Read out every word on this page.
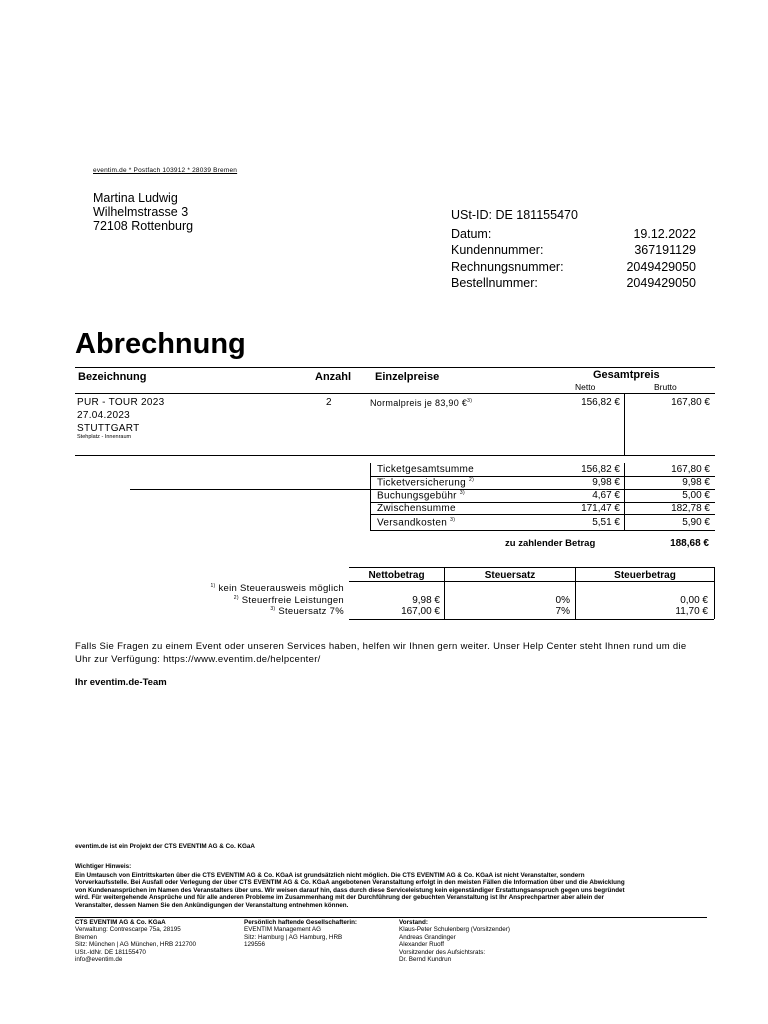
eventim.de * Postfach 103912 * 28039 Bremen
Martina Ludwig
Wilhelmstrasse 3
72108 Rottenburg
USt-ID: DE 181155470
Datum:	19.12.2022
Kundennummer:	367191129
Rechnungsnummer:	2049429050
Bestellnummer:	2049429050
Abrechnung
Bezeichnung	Anzahl Einzelpreise	Gesamtpreis
Netto	Brutto
PUR - TOUR 2023
27.04.2023
STUTTGART
Stehplatz - Innenraum
2	Normalpreis je 83,90 €$^{3)}$	156,82 €	167,80 €
Ticketgesamtsumme	156,82 €	167,80 €
Ticketversicherung $^{2)}$	9,98 €	9,98 €
Buchungsgebühr $^{3)}$	4,67 €	5,00 €
Zwischensumme	171,47 €	182,78 €
Versandkosten $^{3)}$	5,51 €	5,90 €
zu zahlender Betrag	188,68 €
Nettobetrag	Steuersatz	Steuerbetrag
$^{1)}$ kein Steuerausweis möglich
$^{2)}$ Steuerfreie Leistungen	9,98 €	0%	0,00 €
$^{3)}$ Steuersatz 7%	167,00 €	7%	11,70 €
Falls Sie Fragen zu einem Event oder unseren Services haben, helfen wir Ihnen gern weiter. Unser Help Center steht Ihnen rund um die
Uhr zur Verfügung: https://www.eventim.de/helpcenter/
Ihr eventim.de-Team
eventim.de ist ein Projekt der CTS EVENTIM AG & Co. KGaA
Wichtiger Hinweis:
Ein Umtausch von Eintrittskarten über die CTS EVENTIM AG & Co. KGaA ist grundsätzlich nicht möglich. Die CTS EVENTIM AG & Co. KGaA ist nicht Veranstalter, sondern
Vorverkaufsstelle. Bei Ausfall oder Verlegung der über CTS EVENTIM AG & Co. KGaA angebotenen Veranstaltung erfolgt in den meisten Fällen die Information über und die Abwicklung
von Kundenansprüchen im Namen des Veranstalters über uns. Wir weisen darauf hin, dass durch diese Serviceleistung kein eigenständiger Erstattungsanspruch gegen uns begründet
wird. Für weitergehende Ansprüche und für alle anderen Probleme im Zusammenhang mit der Durchführung der gebuchten Veranstaltung ist Ihr Ansprechpartner aber allein der
Veranstalter, dessen Namen Sie den Ankündigungen der Veranstaltung entnehmen können.
CTS EVENTIM AG & Co. KGaA
Verwaltung: Contrescarpe 75a, 28195
Bremen
Sitz: München | AG München, HRB 212700
USt.-IdNr. DE 181155470
info@eventim.de
Persönlich haftende Gesellschafterin:
EVENTIM Management AG
Sitz: Hamburg | AG Hamburg, HRB
129556
Vorstand:
Klaus-Peter Schulenberg (Vorsitzender)
Andreas Grandinger
Alexander Ruoff
Vorsitzender des Aufsichtsrats:
Dr. Bernd Kundrun
